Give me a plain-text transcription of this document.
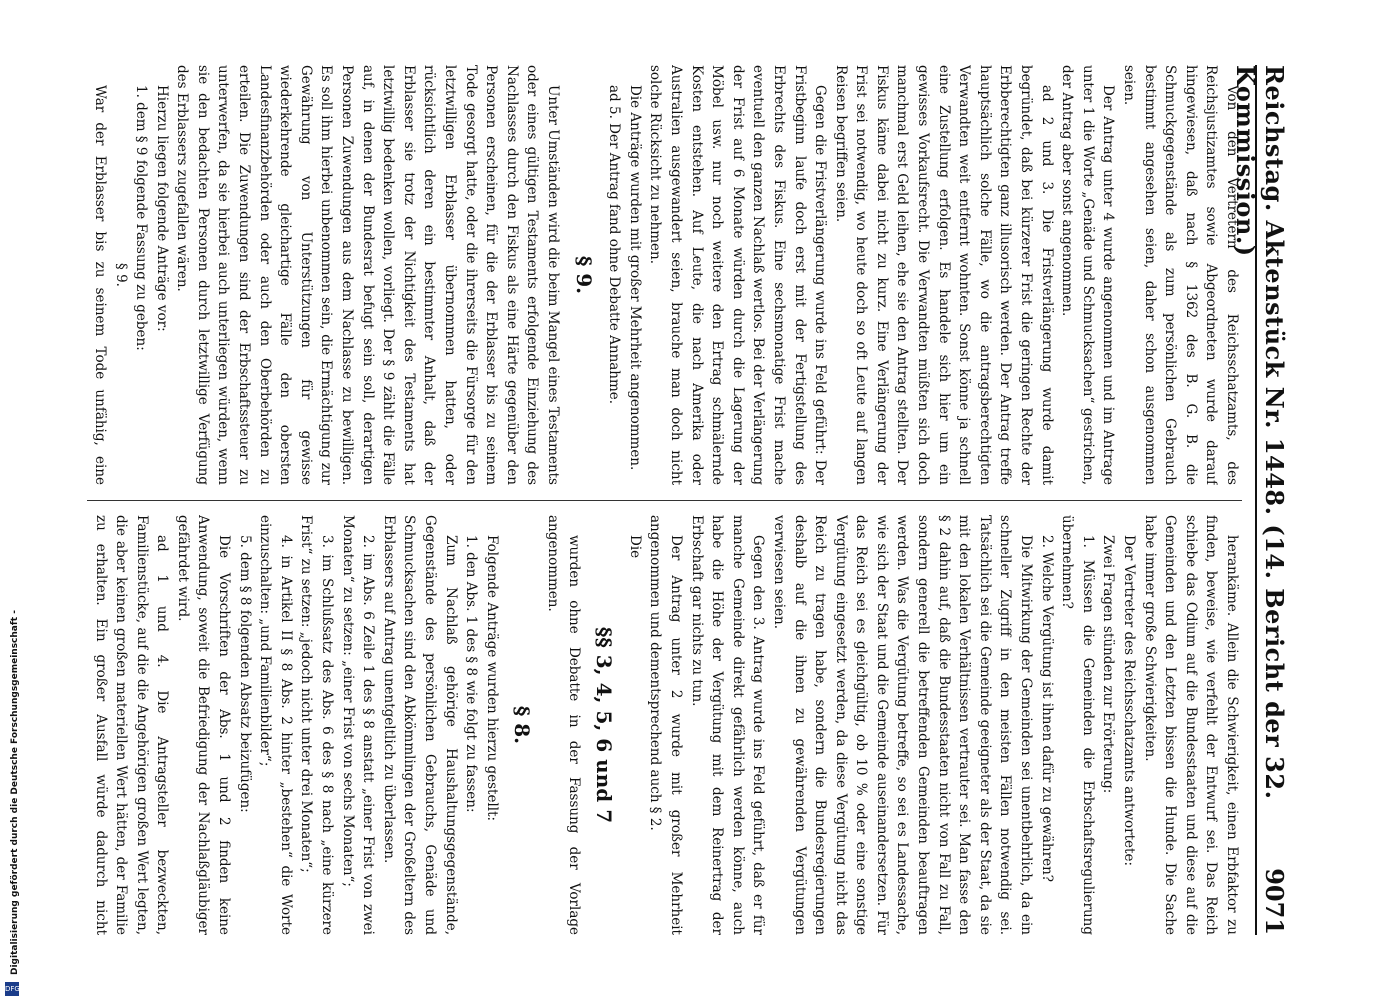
Reichstag. Aktenstück Nr. 1448. (14. Bericht der 32. Kommission.)
9071

Von den Vertretern des Reichsschatzamts, des Reichsjustizamtes sowie Abgeordneten wurde darauf hingewiesen, daß nach § 1362 des B. G. B. die Schmuckgegenstände als zum persönlichen Gebrauch bestimmt angesehen seien, daher schon ausgenommen seien.

Der Antrag unter 4 wurde angenommen und im Antrage unter 1 die Worte „Genäde und Schmucksachen“ gestrichen, der Antrag aber sonst angenommen.

ad 2 und 3. Die Fristverlängerung wurde damit begründet, daß bei kürzerer Frist die geringen Rechte der Erbberechtigten ganz illusorisch werden. Der Antrag treffe hauptsächlich solche Fälle, wo die antragsberechtigten Verwandten weit entfernt wohnten. Sonst könne ja schnell eine Zustellung erfolgen. Es handele sich hier um ein gewisses Vorkaufsrecht. Die Verwandten müßten sich doch manchmal erst Geld leihen, ehe sie den Antrag stellten. Der Fiskus käme dabei nicht zu kurz. Eine Verlängerung der Frist sei notwendig, wo heute doch so oft Leute auf langen Reisen begriffen seien.

Gegen die Fristverlängerung wurde ins Feld geführt: Der Fristbeginn laufe doch erst mit der Fertigstellung des Erbrechts des Fiskus. Eine sechsmonatige Frist mache eventuell den ganzen Nachlaß wertlos. Bei der Verlängerung der Frist auf 6 Monate würden durch die Lagerung der Möbel usw. nur noch weitere den Ertrag schmälernde Kosten entstehen. Auf Leute, die nach Amerika oder Australien ausgewandert seien, brauche man doch nicht solche Rücksicht zu nehmen.

Die Anträge wurden mit großer Mehrheit angenommen.

ad 5. Der Antrag fand ohne Debatte Annahme.

§ 9.

Unter Umständen wird die beim Mangel eines Testaments oder eines gültigen Testaments erfolgende Einziehung des Nachlasses durch den Fiskus als eine Härte gegenüber den Personen erscheinen, für die der Erblasser bis zu seinem Tode gesorgt hatte, oder die ihrerseits die Fürsorge für den letztwilligen Erblasser übernommen hatten, oder rücksichtlich deren ein bestimmter Anhalt, daß der Erblasser sie trotz der Nichtigkeit des Testaments hat letztwillig bedenken wollen, vorliegt. Der § 9 zählt die Fälle auf, in denen der Bundesrat befugt sein soll, derartigen Personen Zuwendungen aus dem Nachlasse zu bewilligen. Es soll ihm hierbei unbenommen sein, die Ermächtigung zur Gewährung von Unterstützungen für gewisse wiederkehrende gleichartige Fälle den obersten Landesfinanzbehörden oder auch den Oberbehörden zu erteilen. Die Zuwendungen sind der Erbschaftssteuer zu unterwerfen, da sie hierbei auch unterliegen würden, wenn sie den bedachten Personen durch letztwillige Verfügung des Erblassers zugefallen wären.

Hierzu liegen folgende Anträge vor:

1. dem § 9 folgende Fassung zu geben:

§ 9.

War der Erblasser bis zu seinem Tode unfähig, eine

herankäme. Allein die Schwierigkeit, einen Erbfaktor zu finden, beweise, wie verfehlt der Entwurf sei. Das Reich schiebe das Odium auf die Bundesstaaten und diese auf die Gemeinden und den Letzten bissen die Hunde. Die Sache habe immer große Schwierigkeiten.

Der Vertreter des Reichsschatzamts antwortete:

Zwei Fragen stünden zur Erörterung:

1. Müssen die Gemeinden die Erbschaftsregulierung übernehmen?

2. Welche Vergütung ist ihnen dafür zu gewähren?

Die Mitwirkung der Gemeinden sei unentbehrlich, da ein schneller Zugriff in den meisten Fällen notwendig sei. Tatsächlich sei die Gemeinde geeigneter als der Staat, da sie mit den lokalen Verhältnissen vertrauter sei. Man fasse den § 2 dahin auf, daß die Bundesstaaten nicht von Fall zu Fall, sondern generell die betreffenden Gemeinden beauftragen werden. Was die Vergütung betreffe, so sei es Landessache, wie sich der Staat und die Gemeinde auseinandersetzen. Für das Reich sei es gleichgültig, ob 10 % oder eine sonstige Vergütung eingesetzt werden, da diese Vergütung nicht das Reich zu tragen habe, sondern die Bundesregierungen deshalb auf die ihnen zu gewährenden Vergütungen verwiesen seien.

Gegen den 3. Antrag wurde ins Feld geführt, daß er für manche Gemeinde direkt gefährlich werden könne, auch habe die Höhe der Vergütung mit dem Reinertrag der Erbschaft gar nichts zu tun.

Der Antrag unter 2 wurde mit großer Mehrheit angenommen und dementsprechend auch § 2.

Die

§§ 3, 4, 5, 6 und 7

wurden ohne Debatte in der Fassung der Vorlage angenommen.

§ 8.

Folgende Anträge wurden hierzu gestellt:

1. den Abs. 1 des § 8 wie folgt zu fassen:

Zum Nachlaß gehörige Haushaltungsgegenstände, Gegenstände des persönlichen Gebrauchs, Genäde und Schmucksachen sind den Abkömmlingen der Großeltern des Erblassers auf Antrag unentgeltlich zu überlassen.

2. im Abs. 6 Zeile 1 des § 8 anstatt „einer Frist von zwei Monaten“ zu setzen: „einer Frist von sechs Monaten“;

3. im Schlußsatz des Abs. 6 des § 8 nach „eine kürzere Frist“ zu setzen: „jedoch nicht unter drei Monaten“;

4. in Artikel II § 8 Abs. 2 hinter „bestehen“ die Worte einzuschalten: „und Familienbilder“;

5. dem § 8 folgenden Absatz beizufügen:

Die Vorschriften der Abs. 1 und 2 finden keine Anwendung, soweit die Befriedigung der Nachlaßgläubiger gefährdet wird.

ad 1 und 4. Die Antragsteller bezweckten, Familienstücke, auf die die Angehörigen großen Wert legten, die aber keinen großen materiellen Wert hätten, der Familie zu erhalten. Ein großer Ausfall würde dadurch nicht

Digitalisierung gefördert durch die Deutsche Forschungsgemeinschaft -
DFG
